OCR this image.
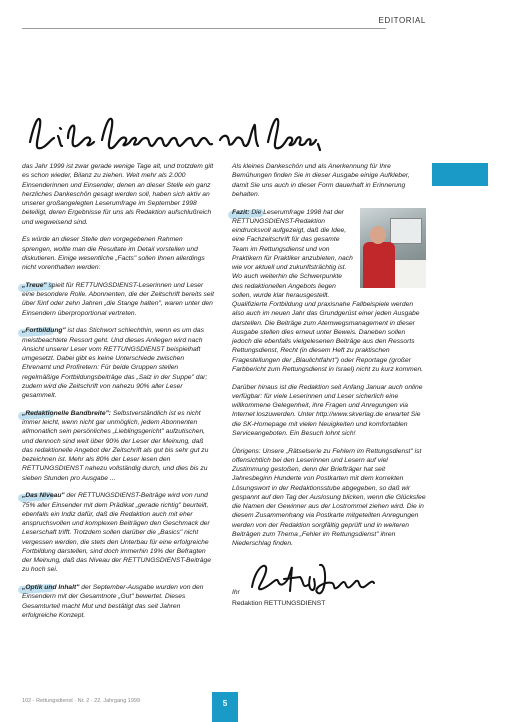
EDITORIAL

das Jahr 1999 ist zwar gerade wenige Tage alt, und trotzdem gilt es schon wieder, Bilanz zu ziehen. Weit mehr als 2.000 Einsenderinnen und Einsender, denen an dieser Stelle ein ganz herzliches Dankeschön gesagt werden soll, haben sich aktiv an unserer großangelegten Leserumfrage im September 1998 beteiligt, deren Ergebnisse für uns als Redaktion aufschlußreich und wegweisend sind.

Es würde an dieser Stelle den vorgegebenen Rahmen sprengen, wollte man die Resultate im Detail vorstellen und diskutieren. Einige wesentliche „Facts" sollen Ihnen allerdings nicht vorenthalten werden:

„Treue" spielt für RETTUNGSDIENST-Leserinnen und Leser eine besondere Rolle. Abonnenten, die der Zeitschrift bereits seit über fünf oder zehn Jahren „die Stange halten", waren unter den Einsendern überproportional vertreten.

„Fortbildung" ist das Stichwort schlechthin, wenn es um das meistbeachtete Ressort geht. Und dieses Anliegen wird nach Ansicht unserer Leser vom RETTUNGSDIENST beispielhaft umgesetzt. Dabei gibt es keine Unterschiede zwischen Ehrenamt und Profiretern: Für beide Gruppen stellen regelmäßige Fortbildungsbeiträge das „Salz in der Suppe" dar; zudem wird die Zeitschrift von nahezu 90% aller Leser gesammelt.

„Redaktionelle Bandbreite": Selbstverständlich ist es nicht immer leicht, wenn nicht gar unmöglich, jedem Abonnenten allmonatlich sein persönliches „Lieblingsgericht" aufzutischen, und dennoch sind weit über 90% der Leser der Meinung, daß das redaktionelle Angebot der Zeitschrift als gut bis sehr gut zu bezeichnen ist. Mehr als 80% der Leser lesen den RETTUNGSDIENST nahezu vollständig durch, und dies bis zu sieben Stunden pro Ausgabe ...

„Das Niveau" der RETTUNGSDIENST-Beiträge wird von rund 75% aller Einsender mit dem Prädikat „gerade richtig" beurteilt, ebenfalls ein Indiz dafür, daß die Redaktion auch mit eher anspruchsvollen und komplexen Beiträgen den Geschmack der Leserschaft trifft. Trotzdem sollen darüber die „Basics" nicht vergessen werden, die stets den Unterbau für eine erfolgreiche Fortbildung darstellen, sind doch immerhin 19% der Befragten der Meinung, daß das Niveau der RETTUNGSDIENST-Beiträge zu hoch sei.

„Optik und Inhalt" der September-Ausgabe wurden von den Einsendern mit der Gesamtnote „Gut" bewertet. Dieses Gesamturteil macht Mut und bestätigt das seit Jahren erfolgreiche Konzept.

Als kleines Dankeschön und als Anerkennung für Ihre Bemühungen finden Sie in dieser Ausgabe einige Aufkleber, damit Sie uns auch in dieser Form dauerhaft in Erinnerung behalten.

Fazit: Die Leserumfrage 1998 hat der RETTUNGSDIENST-Redaktion eindrucksvoll aufgezeigt, daß die Idee, eine Fachzeitschrift für das gesamte Team im Rettungsdienst und von Praktikern für Praktiker anzubieten, nach wie vor aktuell und zukunftsträchtig ist. Wo auch weiterhin die Schwerpunkte des redaktionellen Angebots liegen sollen, wurde klar herausgestellt. Qualifizierte Fortbildung und praxisnahe Fallbeispiele werden also auch im neuen Jahr das Grundgerüst einer jeden Ausgabe darstellen. Die Beiträge zum Atemwegsmanagement in dieser Ausgabe stellen dies erneut unter Beweis. Daneben sollen jedoch die ebenfalls vielgelesenen Beiträge aus den Ressorts Rettungsdienst, Recht (in diesem Heft zu praktischen Fragestellungen der „Blaulichtfahrt") oder Reportage (großer Farbbericht zum Rettungsdienst in Israel) nicht zu kurz kommen.

Darüber hinaus ist die Redaktion seit Anfang Januar auch online verfügbar: für viele Leserinnen und Leser sicherlich eine willkommene Gelegenheit, ihre Fragen und Anregungen via Internet loszuwerden. Unter http://www.skverlag.de erwartet Sie die SK-Homepage mit vielen Neuigkeiten und komfortablen Serviceangeboten. Ein Besuch lohnt sich!

Übrigens: Unsere „Rätselserie zu Fehlern im Rettungsdienst" ist offensichtlich bei den Leserinnen und Lesern auf viel Zustimmung gestoßen, denn der Briefträger hat seit Jahresbeginn Hunderte von Postkarten mit dem korrekten Lösungswort in der Redaktionsstube abgegeben, so daß wir gespannt auf den Tag der Auslosung blicken, wenn die Glücksfee die Namen der Gewinner aus der Lostrommel ziehen wird. Die in diesem Zusammenhang via Postkarte mitgeteilten Anregungen werden von der Redaktion sorgfältig geprüft und in weiteren Beiträgen zum Thema „Fehler im Rettungsdienst" ihren Niederschlag finden.

Ihr
Detlef Jahnstoon
Redaktion RETTUNGSDIENST
102 · Rettungsdienst · Nr. 2 · 22. Jahrgang 1999	5
